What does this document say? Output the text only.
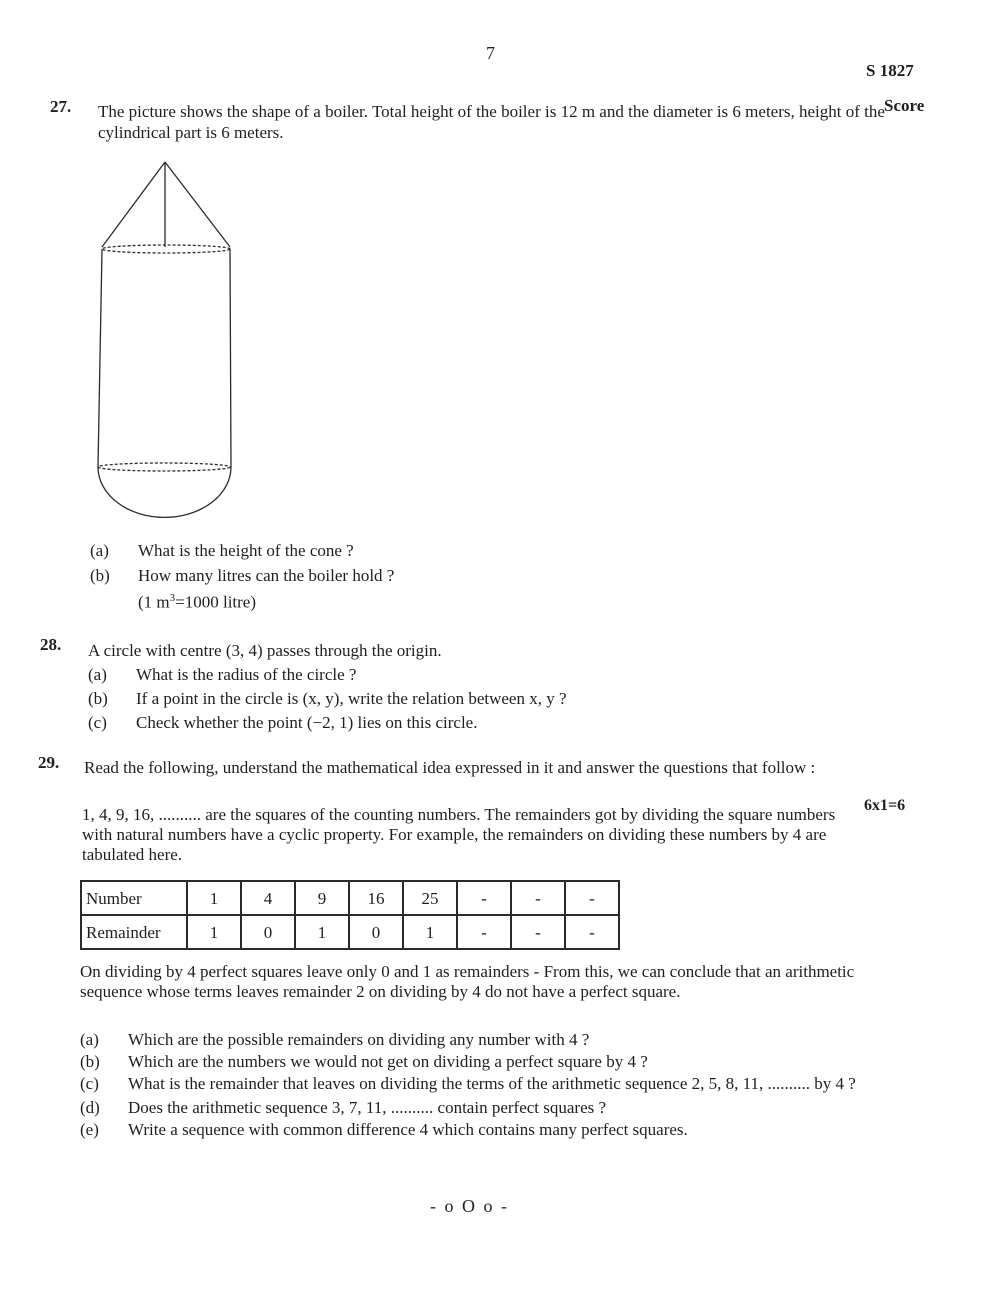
7
S 1827
Score
27. The picture shows the shape of a boiler. Total height of the boiler is 12 m and the diameter is 6 meters, height of the cylindrical part is 6 meters.
(a)	What is the height of the cone ?
(b)	How many litres can the boiler hold ?
(1 $m^3=1000$ litre)
28. A circle with centre (3, 4) passes through the origin.
(a)	What is the radius of the circle ?
(b)	If a point in the circle is (x, y), write the relation between x, y ?
(c)	Check whether the point (−2, 1) lies on this circle.
29. Read the following, understand the mathematical idea expressed in it and answer the questions that follow :
6x1=6
1, 4, 9, 16, .......... are the squares of the counting numbers. The remainders got by dividing the square numbers with natural numbers have a cyclic property. For example, the remainders on dividing these numbers by 4 are tabulated here.
Number	1	4	9	16	25	-	-	-
Remainder	1	0	1	0	1	-	-	-
On dividing by 4 perfect squares leave only 0 and 1 as remainders - From this, we can conclude that an arithmetic sequence whose terms leaves remainder 2 on dividing by 4 do not have a perfect square.
(a)	Which are the possible remainders on dividing any number with 4 ?
(b)	Which are the numbers we would not get on dividing a perfect square by 4 ?
(c)	What is the remainder that leaves on dividing the terms of the arithmetic sequence 2, 5, 8, 11, .......... by 4 ?
(d)	Does the arithmetic sequence 3, 7, 11, .......... contain perfect squares ?
(e)	Write a sequence with common difference 4 which contains many perfect squares.
- o O o -
